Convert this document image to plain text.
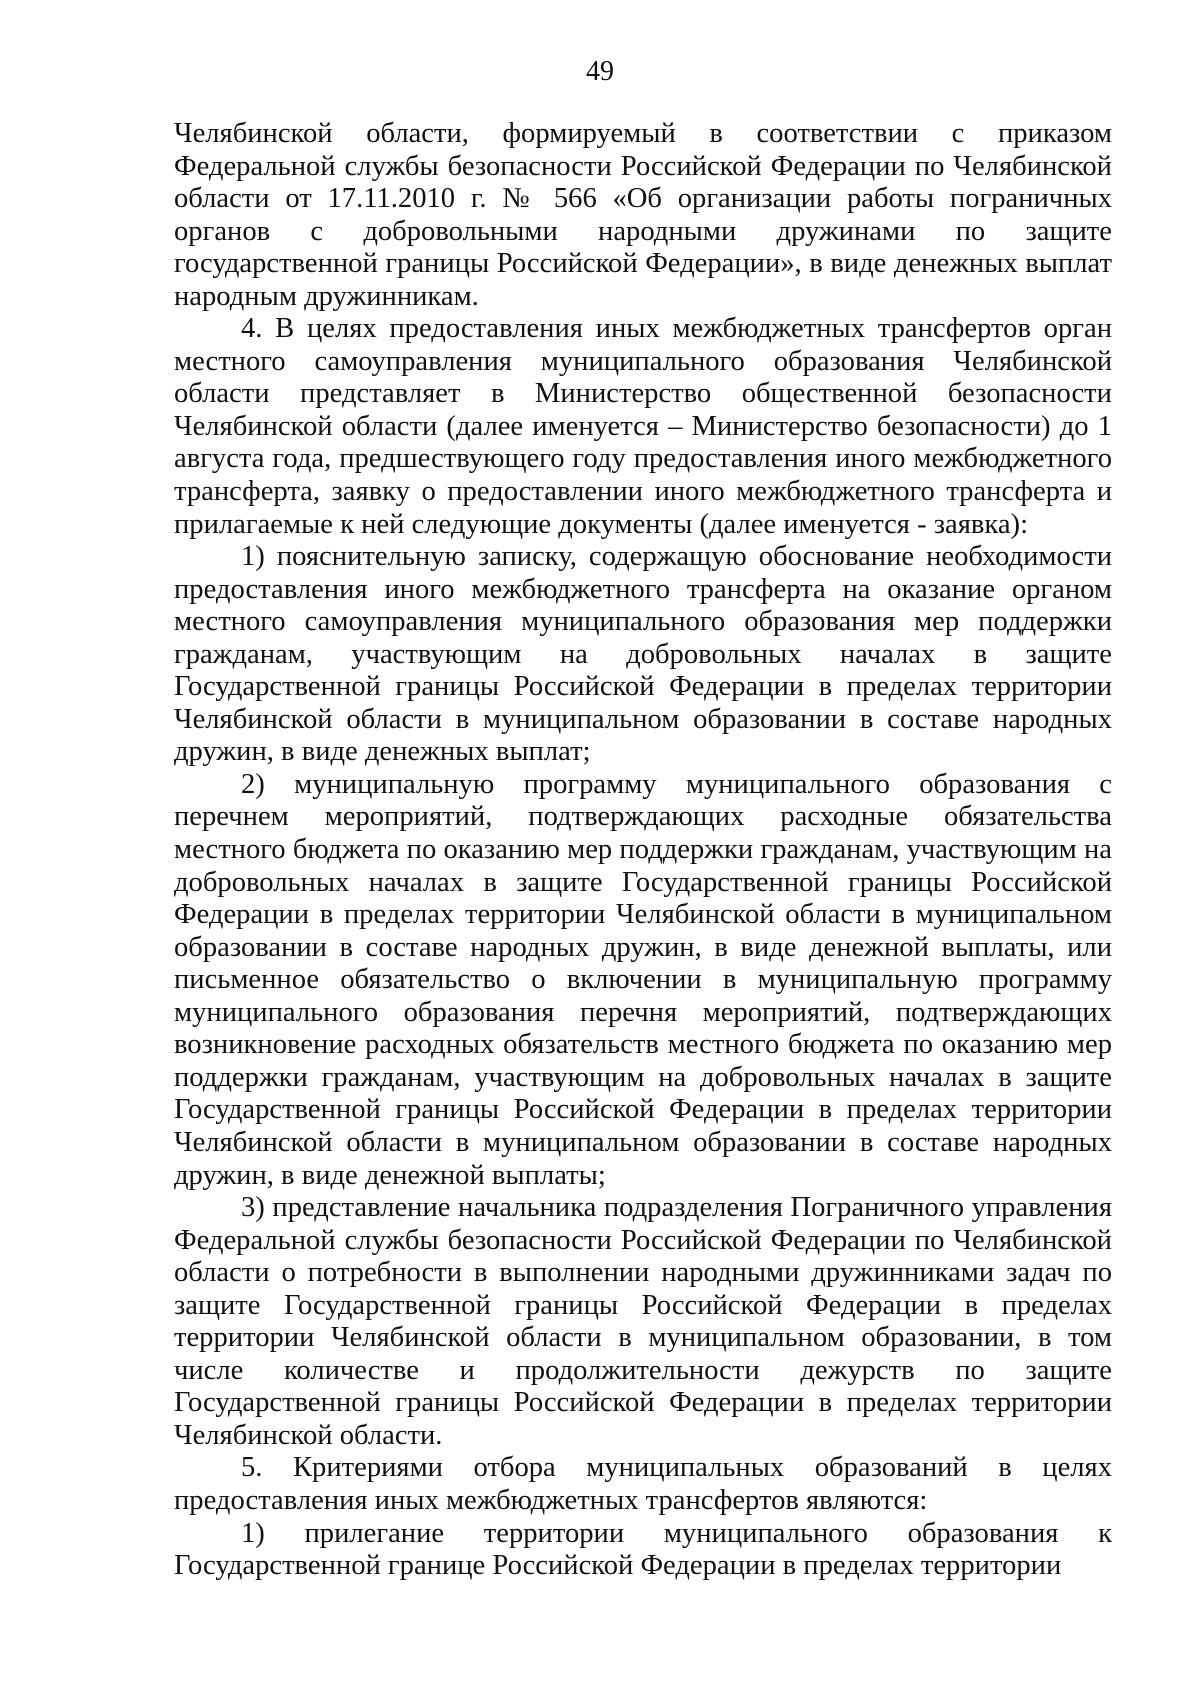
49

Челябинской области, формируемый в соответствии с приказом Федеральной службы безопасности Российской Федерации по Челябинской области от 17.11.2010 г. № 566 «Об организации работы пограничных органов с добровольными народными дружинами по защите государственной границы Российской Федерации», в виде денежных выплат народным дружинникам.

4. В целях предоставления иных межбюджетных трансфертов орган местного самоуправления муниципального образования Челябинской области представляет в Министерство общественной безопасности Челябинской области (далее именуется – Министерство безопасности) до 1 августа года, предшествующего году предоставления иного межбюджетного трансферта, заявку о предоставлении иного межбюджетного трансферта и прилагаемые к ней следующие документы (далее именуется - заявка):

1) пояснительную записку, содержащую обоснование необходимости предоставления иного межбюджетного трансферта на оказание органом местного самоуправления муниципального образования мер поддержки гражданам, участвующим на добровольных началах в защите Государственной границы Российской Федерации в пределах территории Челябинской области в муниципальном образовании в составе народных дружин, в виде денежных выплат;

2) муниципальную программу муниципального образования с перечнем мероприятий, подтверждающих расходные обязательства местного бюджета по оказанию мер поддержки гражданам, участвующим на добровольных началах в защите Государственной границы Российской Федерации в пределах территории Челябинской области в муниципальном образовании в составе народных дружин, в виде денежной выплаты, или письменное обязательство о включении в муниципальную программу муниципального образования перечня мероприятий, подтверждающих возникновение расходных обязательств местного бюджета по оказанию мер поддержки гражданам, участвующим на добровольных началах в защите Государственной границы Российской Федерации в пределах территории Челябинской области в муниципальном образовании в составе народных дружин, в виде денежной выплаты;

3) представление начальника подразделения Пограничного управления Федеральной службы безопасности Российской Федерации по Челябинской области о потребности в выполнении народными дружинниками задач по защите Государственной границы Российской Федерации в пределах территории Челябинской области в муниципальном образовании, в том числе количестве и продолжительности дежурств по защите Государственной границы Российской Федерации в пределах территории Челябинской области.

5. Критериями отбора муниципальных образований в целях предоставления иных межбюджетных трансфертов являются:

1) прилегание территории муниципального образования к Государственной границе Российской Федерации в пределах территории
